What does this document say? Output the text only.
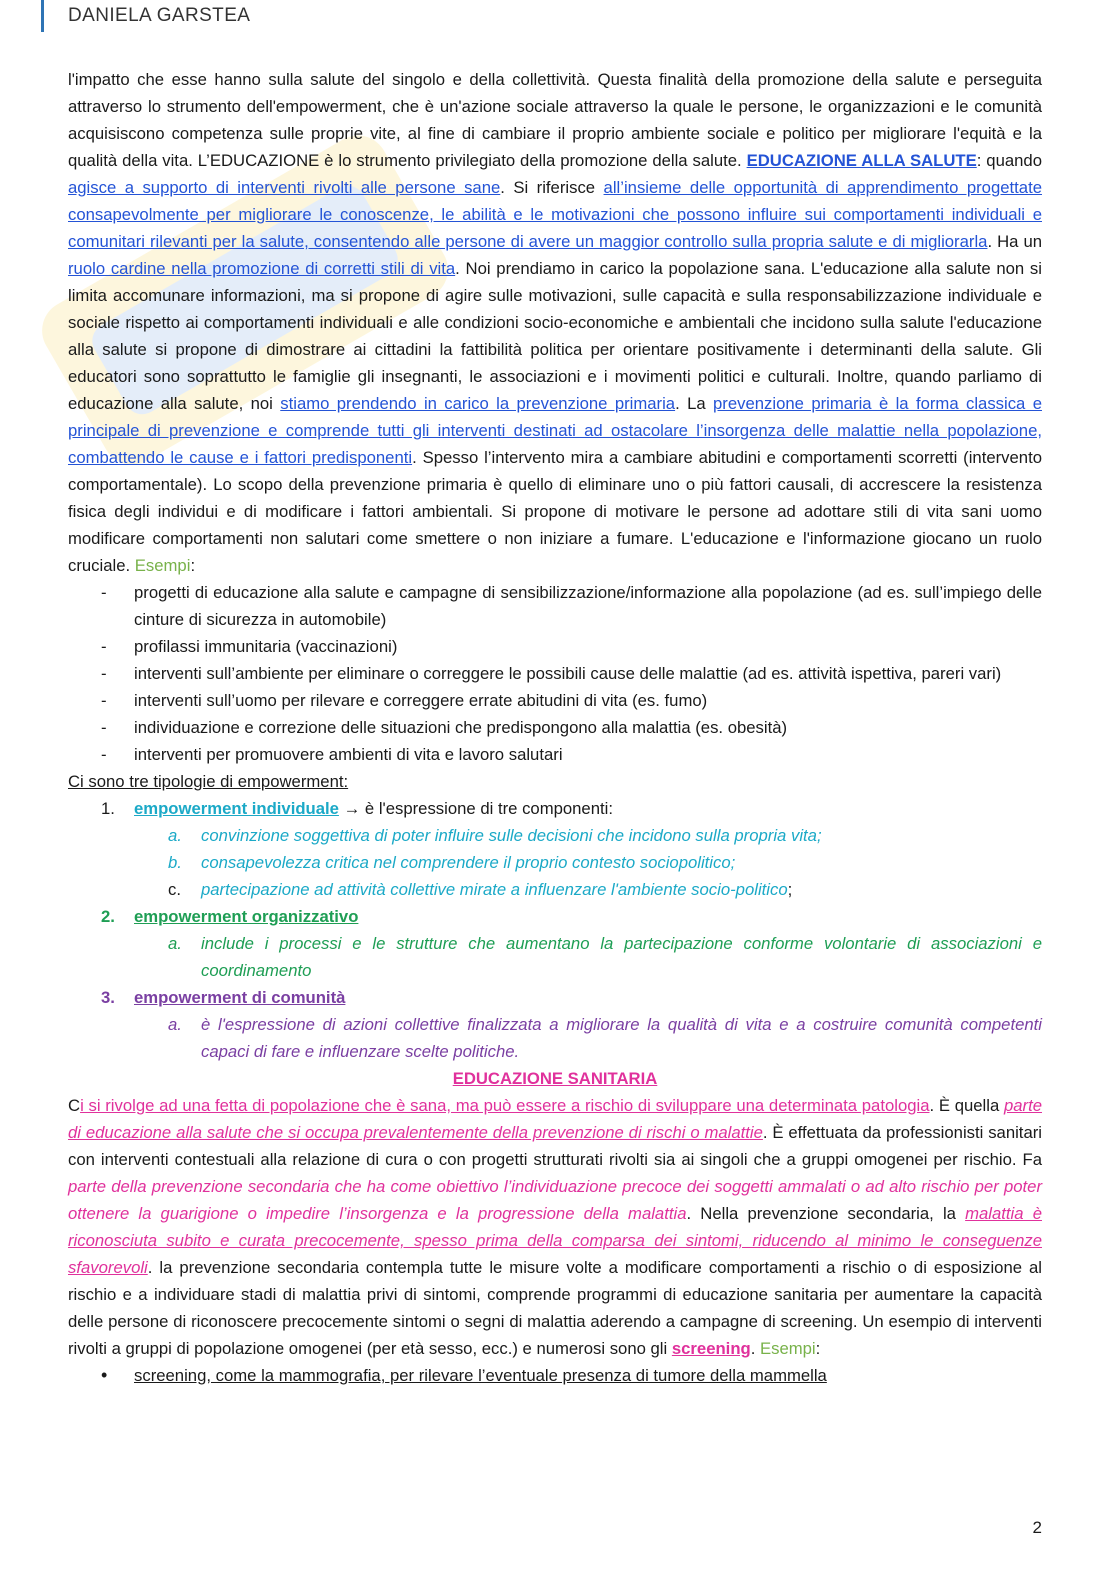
DANIELA GARSTEA

l'impatto che esse hanno sulla salute del singolo e della collettività. Questa finalità della promozione della salute e perseguita attraverso lo strumento dell'empowerment, che è un'azione sociale attraverso la quale le persone, le organizzazioni e le comunità acquisiscono competenza sulle proprie vite, al fine di cambiare il proprio ambiente sociale e politico per migliorare l'equità e la qualità della vita. L’EDUCAZIONE è lo strumento privilegiato della promozione della salute. EDUCAZIONE ALLA SALUTE: quando agisce a supporto di interventi rivolti alle persone sane. Si riferisce all’insieme delle opportunità di apprendimento progettate consapevolmente per migliorare le conoscenze, le abilità e le motivazioni che possono influire sui comportamenti individuali e comunitari rilevanti per la salute, consentendo alle persone di avere un maggior controllo sulla propria salute e di migliorarla. Ha un ruolo cardine nella promozione di corretti stili di vita. Noi prendiamo in carico la popolazione sana. L'educazione alla salute non si limita accomunare informazioni, ma si propone di agire sulle motivazioni, sulle capacità e sulla responsabilizzazione individuale e sociale rispetto ai comportamenti individuali e alle condizioni socio-economiche e ambientali che incidono sulla salute l'educazione alla salute si propone di dimostrare ai cittadini la fattibilità politica per orientare positivamente i determinanti della salute. Gli educatori sono soprattutto le famiglie gli insegnanti, le associazioni e i movimenti politici e culturali. Inoltre, quando parliamo di educazione alla salute, noi stiamo prendendo in carico la prevenzione primaria. La prevenzione primaria è la forma classica e principale di prevenzione e comprende tutti gli interventi destinati ad ostacolare l’insorgenza delle malattie nella popolazione, combattendo le cause e i fattori predisponenti. Spesso l’intervento mira a cambiare abitudini e comportamenti scorretti (intervento comportamentale). Lo scopo della prevenzione primaria è quello di eliminare uno o più fattori causali, di accrescere la resistenza fisica degli individui e di modificare i fattori ambientali. Si propone di motivare le persone ad adottare stili di vita sani uomo modificare comportamenti non salutari come smettere o non iniziare a fumare. L'educazione e l'informazione giocano un ruolo cruciale. Esempi:

- progetti di educazione alla salute e campagne di sensibilizzazione/informazione alla popolazione (ad es. sull’impiego delle cinture di sicurezza in automobile)
- profilassi immunitaria (vaccinazioni)
- interventi sull’ambiente per eliminare o correggere le possibili cause delle malattie (ad es. attività ispettiva, pareri vari)
- interventi sull’uomo per rilevare e correggere errate abitudini di vita (es. fumo)
- individuazione e correzione delle situazioni che predispongono alla malattia (es. obesità)
- interventi per promuovere ambienti di vita e lavoro salutari

Ci sono tre tipologie di empowerment:

1. empowerment individuale → è l'espressione di tre componenti:
a. convinzione soggettiva di poter influire sulle decisioni che incidono sulla propria vita;
b. consapevolezza critica nel comprendere il proprio contesto sociopolitico;
c. partecipazione ad attività collettive mirate a influenzare l'ambiente socio-politico;
2. empowerment organizzativo
a. include i processi e le strutture che aumentano la partecipazione conforme volontarie di associazioni e coordinamento
3. empowerment di comunità
a. è l'espressione di azioni collettive finalizzata a migliorare la qualità di vita e a costruire comunità competenti capaci di fare e influenzare scelte politiche.

EDUCAZIONE SANITARIA

Ci si rivolge ad una fetta di popolazione che è sana, ma può essere a rischio di sviluppare una determinata patologia. È quella parte di educazione alla salute che si occupa prevalentemente della prevenzione di rischi o malattie. È effettuata da professionisti sanitari con interventi contestuali alla relazione di cura o con progetti strutturati rivolti sia ai singoli che a gruppi omogenei per rischio. Fa parte della prevenzione secondaria che ha come obiettivo l’individuazione precoce dei soggetti ammalati o ad alto rischio per poter ottenere la guarigione o impedire l’insorgenza e la progressione della malattia. Nella prevenzione secondaria, la malattia è riconosciuta subito e curata precocemente, spesso prima della comparsa dei sintomi, riducendo al minimo le conseguenze sfavorevoli. la prevenzione secondaria contempla tutte le misure volte a modificare comportamenti a rischio o di esposizione al rischio e a individuare stadi di malattia privi di sintomi, comprende programmi di educazione sanitaria per aumentare la capacità delle persone di riconoscere precocemente sintomi o segni di malattia aderendo a campagne di screening. Un esempio di interventi rivolti a gruppi di popolazione omogenei (per età sesso, ecc.) e numerosi sono gli screening. Esempi:

• screening, come la mammografia, per rilevare l’eventuale presenza di tumore della mammella
2
